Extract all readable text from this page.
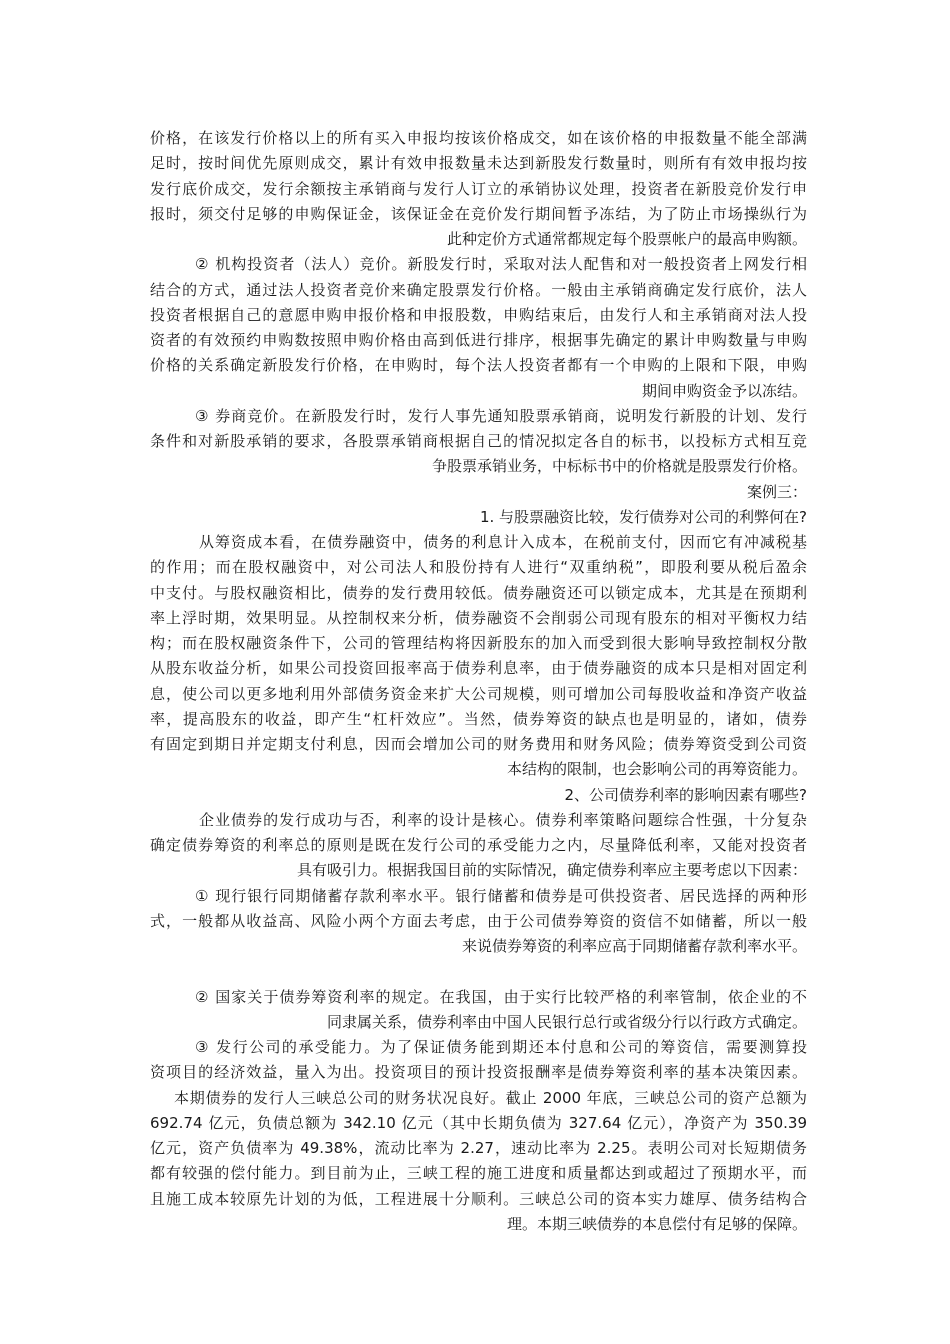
价格，在该发行价格以上的所有买入申报均按该价格成交，如在该价格的申报数量不能全部满
足时，按时间优先原则成交，累计有效申报数量未达到新股发行数量时，则所有有效申报均按
发行底价成交，发行余额按主承销商与发行人订立的承销协议处理，投资者在新股竞价发行申
报时，须交付足够的申购保证金，该保证金在竞价发行期间暂予冻结，为了防止市场操纵行为
此种定价方式通常都规定每个股票帐户的最高申购额。
② 机构投资者（法人）竞价。新股发行时，采取对法人配售和对一般投资者上网发行相
结合的方式，通过法人投资者竞价来确定股票发行价格。一般由主承销商确定发行底价，法人
投资者根据自己的意愿申购申报价格和申报股数，申购结束后，由发行人和主承销商对法人投
资者的有效预约申购数按照申购价格由高到低进行排序，根据事先确定的累计申购数量与申购
价格的关系确定新股发行价格，在申购时，每个法人投资者都有一个申购的上限和下限，申购
期间申购资金予以冻结。
③ 券商竞价。在新股发行时，发行人事先通知股票承销商，说明发行新股的计划、发行
条件和对新股承销的要求，各股票承销商根据自己的情况拟定各自的标书，以投标方式相互竞
争股票承销业务，中标标书中的价格就是股票发行价格。
案例三：
1. 与股票融资比较，发行债券对公司的利弊何在?
从筹资成本看，在债券融资中，债务的利息计入成本，在税前支付，因而它有冲减税基
的作用；而在股权融资中，对公司法人和股份持有人进行“双重纳税”，即股利要从税后盈余
中支付。与股权融资相比，债券的发行费用较低。债券融资还可以锁定成本，尤其是在预期利
率上浮时期，效果明显。从控制权来分析，债券融资不会削弱公司现有股东的相对平衡权力结
构；而在股权融资条件下，公司的管理结构将因新股东的加入而受到很大影响导致控制权分散
从股东收益分析，如果公司投资回报率高于债券利息率，由于债券融资的成本只是相对固定利
息，使公司以更多地利用外部债务资金来扩大公司规模，则可增加公司每股收益和净资产收益
率，提高股东的收益，即产生“杠杆效应”。当然，债券筹资的缺点也是明显的，诸如，债券
有固定到期日并定期支付利息，因而会增加公司的财务费用和财务风险；债券筹资受到公司资
本结构的限制，也会影响公司的再筹资能力。
2、公司债券利率的影响因素有哪些?
企业债券的发行成功与否，利率的设计是核心。债券利率策略问题综合性强，十分复杂
确定债券筹资的利率总的原则是既在发行公司的承受能力之内，尽量降低利率，又能对投资者
具有吸引力。根据我国目前的实际情况，确定债券利率应主要考虑以下因素：
① 现行银行同期储蓄存款利率水平。银行储蓄和债券是可供投资者、居民选择的两种形
式，一般都从收益高、风险小两个方面去考虑，由于公司债券筹资的资信不如储蓄，所以一般
来说债券筹资的利率应高于同期储蓄存款利率水平。
② 国家关于债券筹资利率的规定。在我国，由于实行比较严格的利率管制，依企业的不
同隶属关系，债券利率由中国人民银行总行或省级分行以行政方式确定。
③ 发行公司的承受能力。为了保证债务能到期还本付息和公司的筹资信，需要测算投
资项目的经济效益，量入为出。投资项目的预计投资报酬率是债券筹资利率的基本决策因素。
本期债券的发行人三峡总公司的财务状况良好。截止 2000 年底，三峡总公司的资产总额为
692.74 亿元，负债总额为 342.10 亿元（其中长期负债为 327.64 亿元），净资产为 350.39
亿元，资产负债率为 49.38%，流动比率为 2.27，速动比率为 2.25。表明公司对长短期债务
都有较强的偿付能力。到目前为止，三峡工程的施工进度和质量都达到或超过了预期水平，而
且施工成本较原先计划的为低，工程进展十分顺利。三峡总公司的资本实力雄厚、债务结构合
理。本期三峡债券的本息偿付有足够的保障。
